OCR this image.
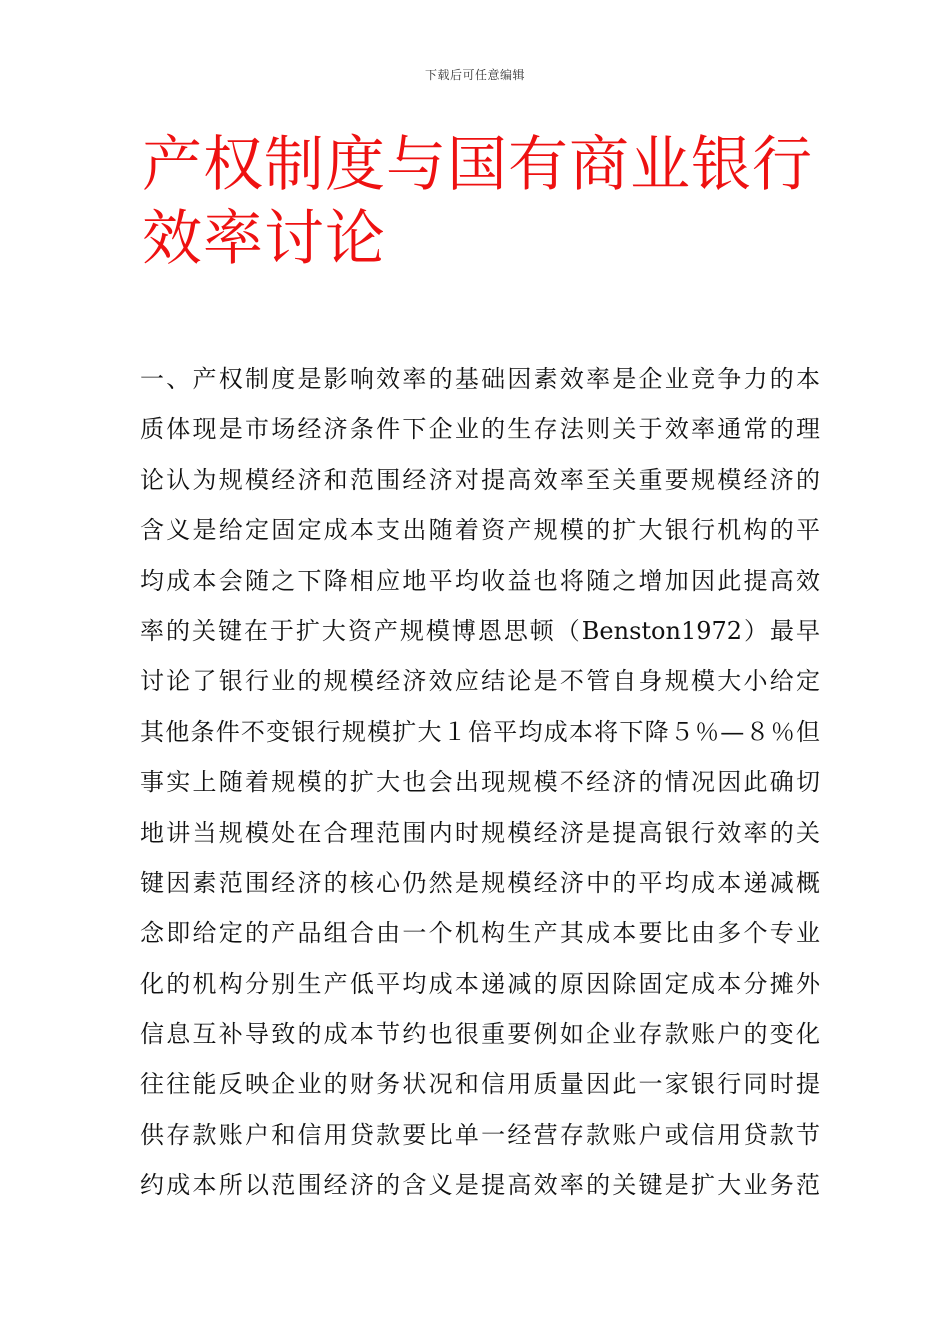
下载后可任意编辑
产权制度与国有商业银行
效率讨论
一、产权制度是影响效率的基础因素效率是企业竞争力的本
质体现是市场经济条件下企业的生存法则关于效率通常的理
论认为规模经济和范围经济对提高效率至关重要规模经济的
含义是给定固定成本支出随着资产规模的扩大银行机构的平
均成本会随之下降相应地平均收益也将随之增加因此提高效
率的关键在于扩大资产规模博恩思顿（Benston1972）最早
讨论了银行业的规模经济效应结论是不管自身规模大小给定
其他条件不变银行规模扩大１倍平均成本将下降５％—８％但
事实上随着规模的扩大也会出现规模不经济的情况因此确切
地讲当规模处在合理范围内时规模经济是提高银行效率的关
键因素范围经济的核心仍然是规模经济中的平均成本递减概
念即给定的产品组合由一个机构生产其成本要比由多个专业
化的机构分别生产低平均成本递减的原因除固定成本分摊外
信息互补导致的成本节约也很重要例如企业存款账户的变化
往往能反映企业的财务状况和信用质量因此一家银行同时提
供存款账户和信用贷款要比单一经营存款账户或信用贷款节
约成本所以范围经济的含义是提高效率的关键是扩大业务范
